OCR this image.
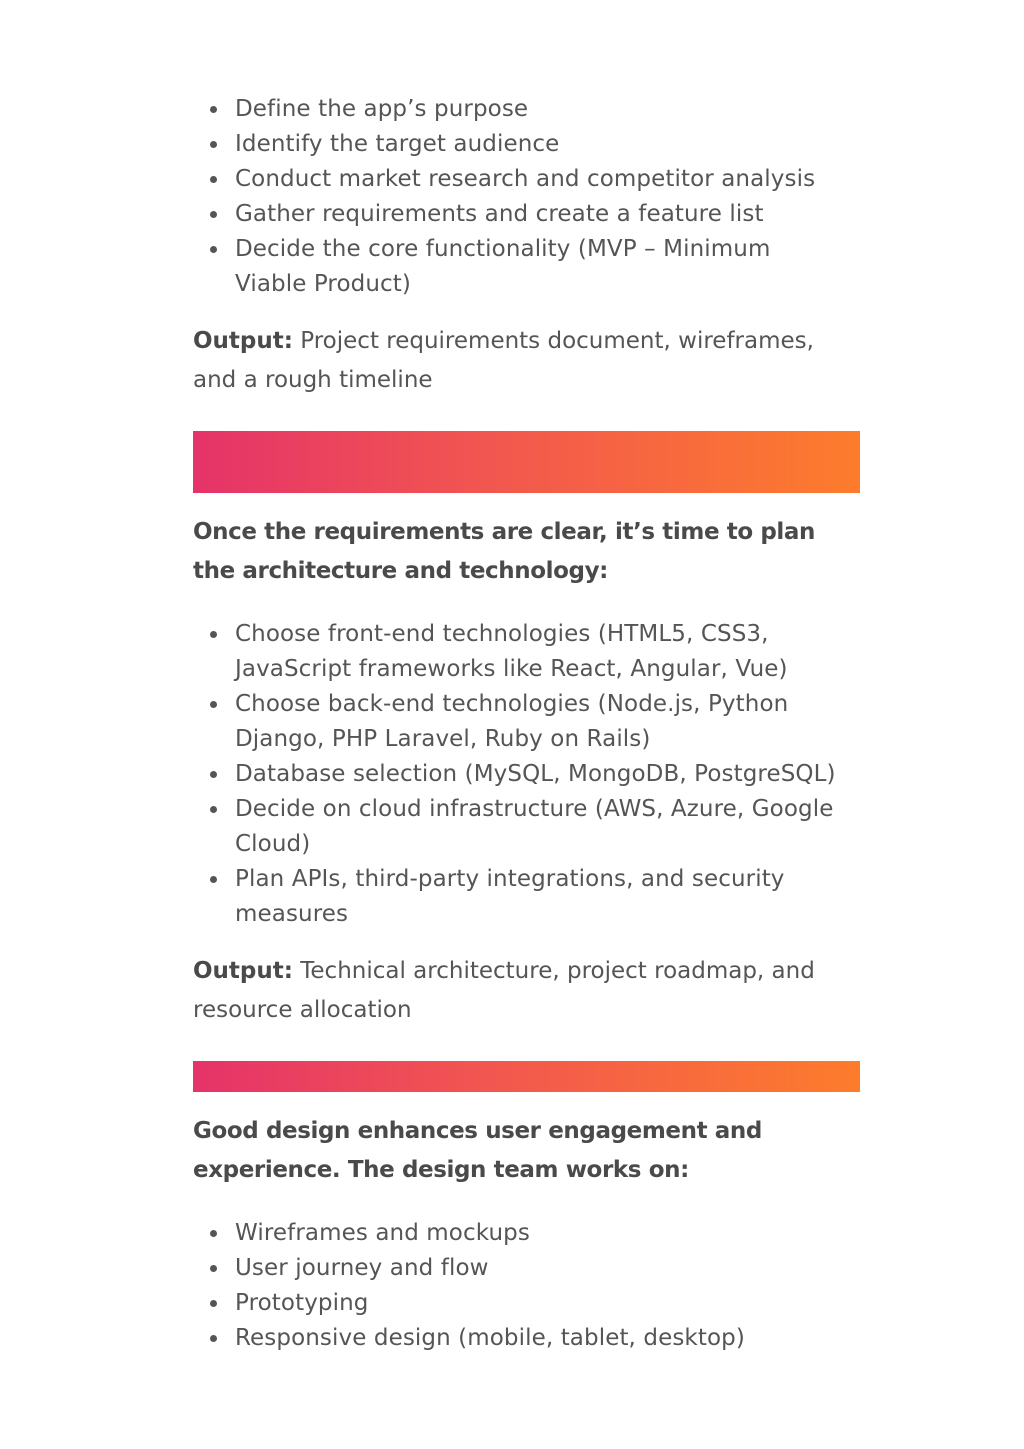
Define the app’s purpose
Identify the target audience
Conduct market research and competitor analysis
Gather requirements and create a feature list
Decide the core functionality (MVP – Minimum Viable Product)

Output: Project requirements document, wireframes, and a rough timeline

Once the requirements are clear, it’s time to plan the architecture and technology:

Choose front-end technologies (HTML5, CSS3, JavaScript frameworks like React, Angular, Vue)
Choose back-end technologies (Node.js, Python Django, PHP Laravel, Ruby on Rails)
Database selection (MySQL, MongoDB, PostgreSQL)
Decide on cloud infrastructure (AWS, Azure, Google Cloud)
Plan APIs, third-party integrations, and security measures

Output: Technical architecture, project roadmap, and resource allocation

Good design enhances user engagement and experience. The design team works on:

Wireframes and mockups
User journey and flow
Prototyping
Responsive design (mobile, tablet, desktop)
